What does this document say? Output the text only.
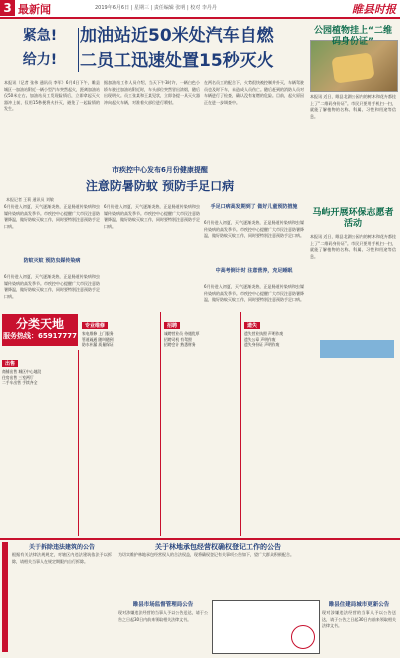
3 最新闻	2019年6月6日 | 星期三 | 责任编辑 张明 | 校对 李丹丹	睢县时报
紧急!
给力!
加油站近50米处汽车自燃
二员工迅速处置15秒灭火
本报讯（记者 张伟 通讯员 李军）6月4日下午，睢县城区一加油站附近一辆小型汽车突然起火，距离加油站仅50米左右。加油站员工发现险情后，立即拿起灭火器冲上前，仅用15秒便将火扑灭，避免了一起险情的发生。
据加油站工作人员介绍，当天下午3时许，一辆白色小轿车驶过加油站附近时，车头部位突然冒出浓烟，随后出现明火。员工张某和王某见状，立即各提一具灭火器冲向起火车辆，对准着火部位进行喷射。
在两名员工的配合下，火势很快被控制并扑灭，车辆驾驶员也及时下车，未造成人员伤亡。随后赶到的消防人员对车辆进行了检查，确认没有复燃的危险。目前，起火原因正在进一步调查中。
公园植物挂上“二维码身份证”
本报讯 近日，睢县北湖公园内的树木和花卉都挂上了“二维码身份证”。市民只要用手机扫一扫，就能了解植物的名称、科属、习性和用途等信息。
马屿开展环保志愿者活动
本报讯 近日，睢县北湖公园内的树木和花卉都挂上了“二维码身份证”。市民只要用手机扫一扫，就能了解植物的名称、科属、习性和用途等信息。
市疾控中心发布6月份健康提醒
注意防暑防蚊 预防手足口病
本报记者 王莉 通讯员 刘敏
6月份进入初夏，天气逐渐炎热，正是肠道传染病和虫媒传染病的高发季节。市疾控中心提醒广大市民注意防暑降温，做好防蚊灭蚊工作，同时要特别注意预防手足口病。
防蚊灭蚊 预防虫媒传染病
6月份进入初夏，天气逐渐炎热，正是肠道传染病和虫媒传染病的高发季节。市疾控中心提醒广大市民注意防暑降温，做好防蚊灭蚊工作，同时要特别注意预防手足口病。
6月份进入初夏，天气逐渐炎热，正是肠道传染病和虫媒传染病的高发季节。市疾控中心提醒广大市民注意防暑降温，做好防蚊灭蚊工作，同时要特别注意预防手足口病。
手足口病高发期到了 做好儿童预防措施
6月份进入初夏，天气逐渐炎热，正是肠道传染病和虫媒传染病的高发季节。市疾控中心提醒广大市民注意防暑降温，做好防蚊灭蚊工作，同时要特别注意预防手足口病。
中高考倒计时 注意营养，充足睡眠
6月份进入初夏，天气逐渐炎热，正是肠道传染病和虫媒传染病的高发季节。市疾控中心提醒广大市民注意防暑降温，做好防蚊灭蚊工作，同时要特别注意预防手足口病。
分类天地
服务热线：65917777
出售
商铺出售 城区中心地段
住房出售 三室两厅
二手车出售 手续齐全
专业维修
家电维修 上门服务
管道疏通 随叫随到
防水补漏 质量保证
招聘
诚聘营业员 待遇优厚
招聘司机 有驾照
招聘会计 熟悉财务
遗失
遗失营业执照 声明作废
遗失公章 声明作废
遗失身份证 声明作废
关于拆除违法建筑的公告
根据有关法律法规规定，对辖区内违法建筑依法予以拆除，请相关当事人在规定期限内自行拆除。
关于林地承包经营权确权登记工作的公告
为切实维护林地承包经营权人的合法权益，现将确权登记有关事项公告如下，望广大群众积极配合。
睢县市场监督管理局公告
现对涉嫌违法经营的当事人予以公告送达，请于公告之日起30日内前来领取相关法律文书。
睢县住建局城市更新公告
现对涉嫌违法经营的当事人予以公告送达，请于公告之日起30日内前来领取相关法律文书。
